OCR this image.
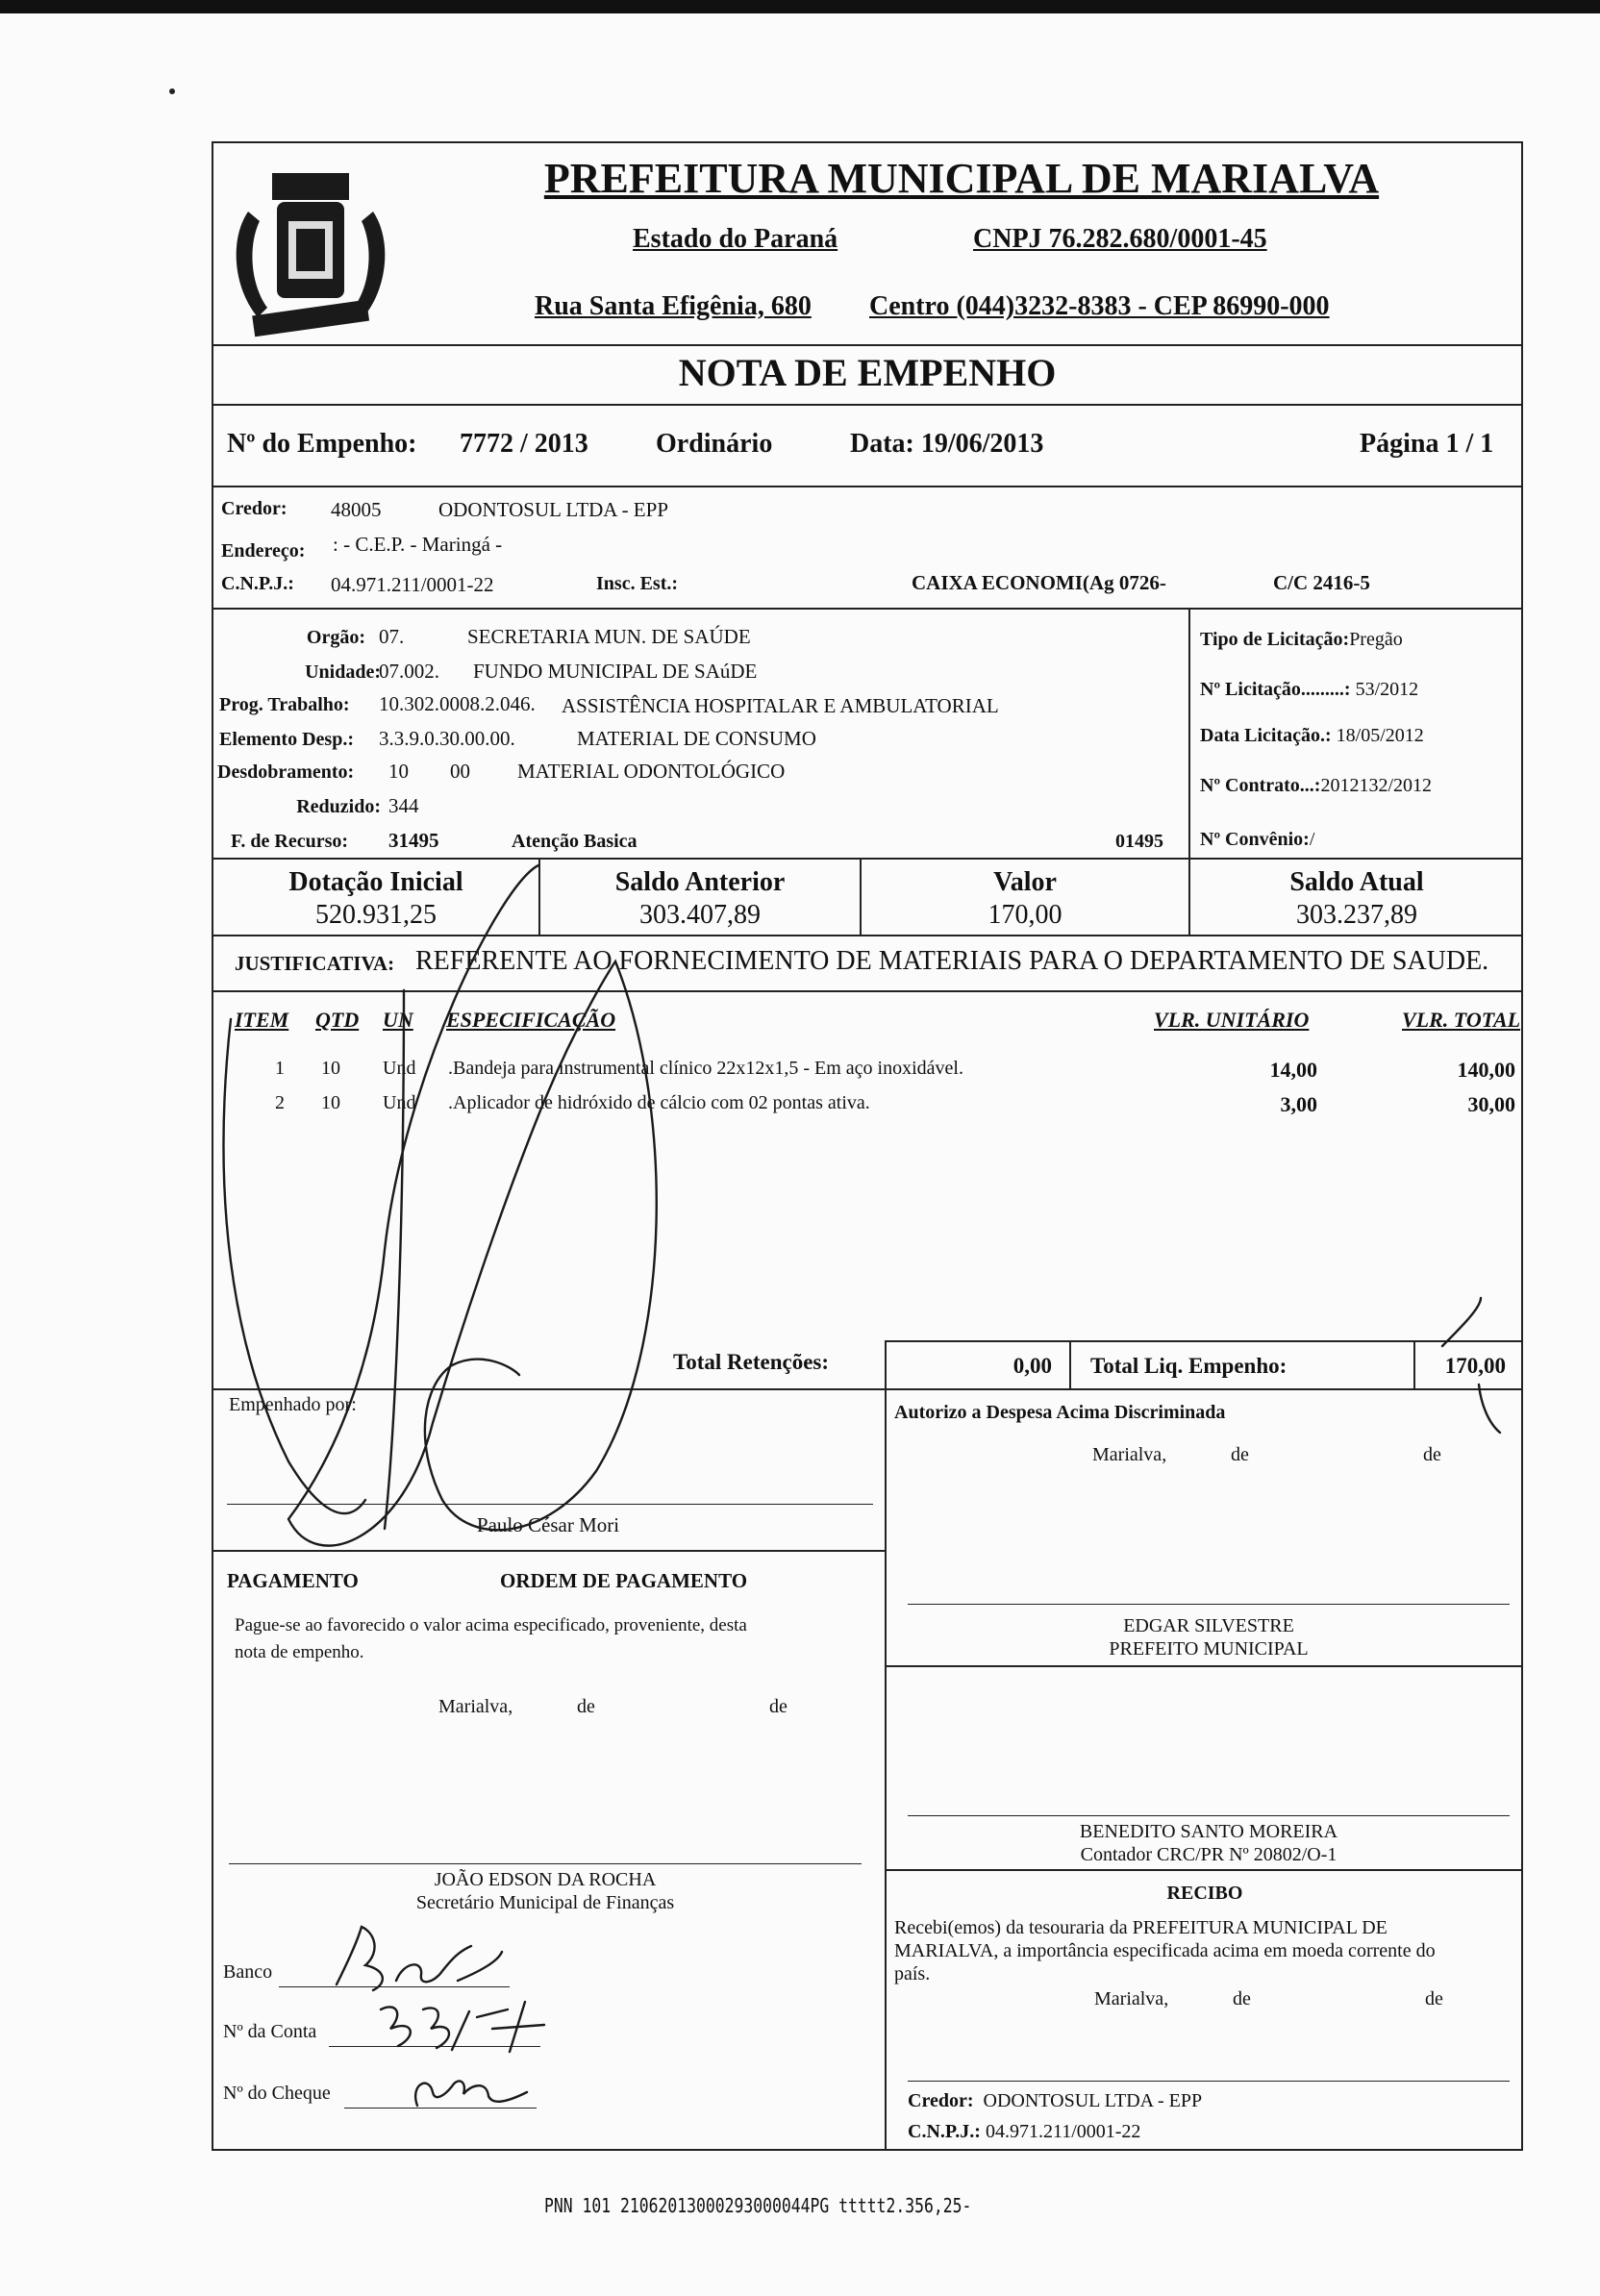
PREFEITURA MUNICIPAL DE MARIALVA
Estado do Paraná	CNPJ 76.282.680/0001-45
Rua Santa Efigênia, 680 Centro (044)3232-8383 - CEP 86990-000
NOTA DE EMPENHO
Nº do Empenho: 7772 / 2013	Ordinário	Data: 19/06/2013	Página 1 / 1
Credor: 48005	ODONTOSUL LTDA - EPP
Endereço: : - C.E.P. - Maringá -
C.N.P.J.: 04.971.211/0001-22	Insc. Est.:	CAIXA ECONOMI(Ag 0726-	C/C 2416-5
Orgão: 07.	SECRETARIA MUN. DE SAÚDE
Unidade:
07.002. FUNDO MUNICIPAL DE SAúDE
Prog. Trabalho: 10.302.0008.2.046. ASSISTÊNCIA HOSPITALAR E AMBULATORIAL
Elemento Desp.: 3.3.9.0.30.00.00.	MATERIAL DE CONSUMO
Desdobramento: 10 00 MATERIAL ODONTOLÓGICO
Reduzido: 344
F. de Recurso: 31495	Atenção Basica	01495
Tipo de Licitação:Pregão
Nº Licitação.........: 53/2012
Data Licitação.: 18/05/2012
Nº Contrato...:2012132/2012
Nº Convênio:/
Dotação Inicial
520.931,25
Saldo Anterior
303.407,89
Valor
170,00
Saldo Atual
303.237,89
JUSTIFICATIVA: REFERENTE AO FORNECIMENTO DE MATERIAIS PARA O DEPARTAMENTO DE SAUDE.
ITEM QTD UN ESPECIFICAÇÃO	VLR. UNITÁRIO	VLR. TOTAL
1 10 Und .Bandeja para instrumental clínico 22x12x1,5 - Em aço inoxidável.	14,00	140,00
2 10 Und .Aplicador de hidróxido de cálcio com 02 pontas ativa.	3,00	30,00
Total Retenções:	0,00 Total Liq. Empenho:	170,00
Empenhado por:
Paulo César Mori
Autorizo a Despesa Acima Discriminada
Marialva,	de	de
PAGAMENTO	ORDEM DE PAGAMENTO
Pague-se ao favorecido o valor acima especificado, proveniente, desta
nota de empenho.
Marialva,	de	de
EDGAR SILVESTRE
PREFEITO MUNICIPAL
BENEDITO SANTO MOREIRA
Contador CRC/PR Nº 20802/O-1
JOÃO EDSON DA ROCHA
Secretário Municipal de Finanças	RECIBO
Recebi(emos) da tesouraria da PREFEITURA MUNICIPAL DE
MARIALVA, a importância especificada acima em moeda corrente do
país.
Marialva,	de	de
Credor: ODONTOSUL LTDA - EPP
C.N.P.J.: 04.971.211/0001-22
Banco
Nº da Conta
Nº do Cheque
PNN 101 21062013000293000044PG ttttt2.356,25-
